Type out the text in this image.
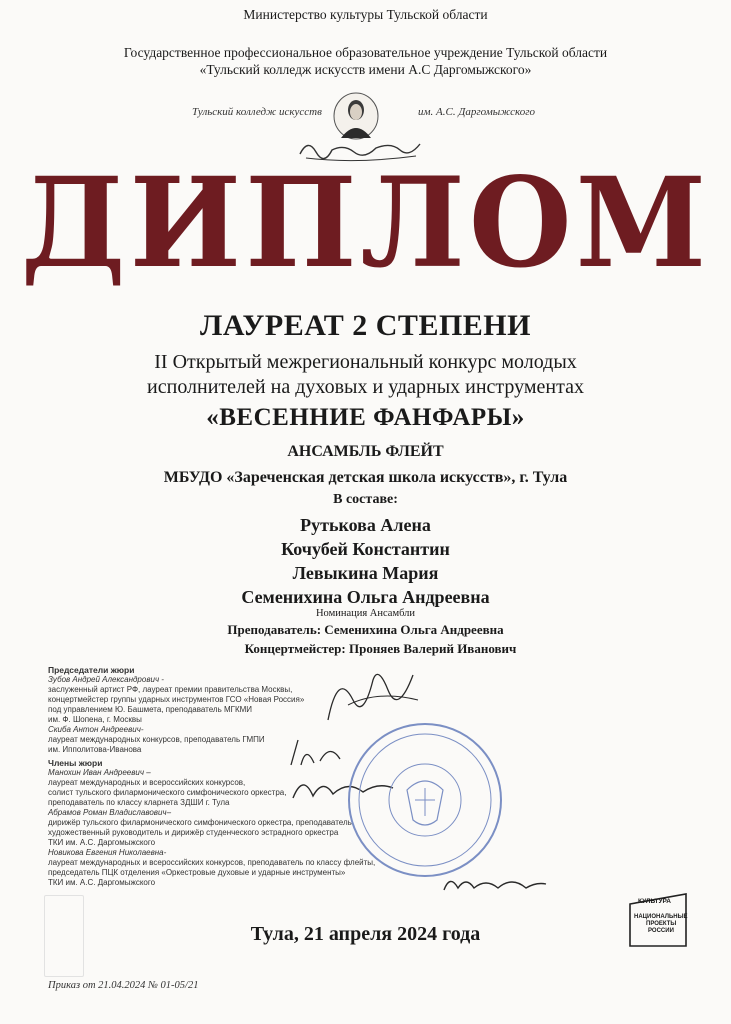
Министерство культуры Тульской области
Государственное профессиональное образовательное учреждение Тульской области
«Тульский колледж искусств имени А.С Даргомыжского»
Тульский колледж искусств	им. А.С. Даргомыжского
ДИПЛОМ
ЛАУРЕАТ 2 СТЕПЕНИ
II Открытый межрегиональный конкурс молодых
исполнителей на духовых и ударных инструментах
«ВЕСЕННИЕ ФАНФАРЫ»
АНСАМБЛЬ ФЛЕЙТ
МБУДО «Зареченская детская школа искусств», г. Тула
В составе:
Рутькова Алена
Кочубей Константин
Левыкина Мария
Семенихина Ольга Андреевна
Номинация Ансамбли
Преподаватель: Семенихина Ольга Андреевна
Концертмейстер: Проняев Валерий Иванович
Председатели жюри
Зубов Андрей Александрович -
заслуженный артист РФ, лауреат премии правительства Москвы,
концертмейстер группы ударных инструментов ГСО «Новая Россия»
под управлением Ю. Башмета, преподаватель МГКМИ
им. Ф. Шопена, г. Москвы
Скиба Антон Андреевич-
лауреат международных конкурсов, преподаватель ГМПИ
им. Ипполитова-Иванова
Члены жюри
Манохин Иван Андреевич –
лауреат международных и всероссийских конкурсов,
солист тульского филармонического симфонического оркестра,
преподаватель по классу кларнета ЗДШИ г. Тула
Абрамов Роман Владиславович–
дирижёр тульского филармонического симфонического оркестра, преподаватель,
художественный руководитель и дирижёр студенческого эстрадного оркестра
ТКИ им. А.С. Даргомыжского
Новикова Евгения Николаевна-
лауреат международных и всероссийских конкурсов, преподаватель по классу флейты,
председатель ПЦК отделения «Оркестровые духовые и ударные инструменты»
ТКИ им. А.С. Даргомыжского
Тула, 21 апреля 2024 года
КУЛЬТУРА
НАЦИОНАЛЬНЫЕ
ПРОЕКТЫ
РОССИИ
Приказ от 21.04.2024 № 01-05/21
